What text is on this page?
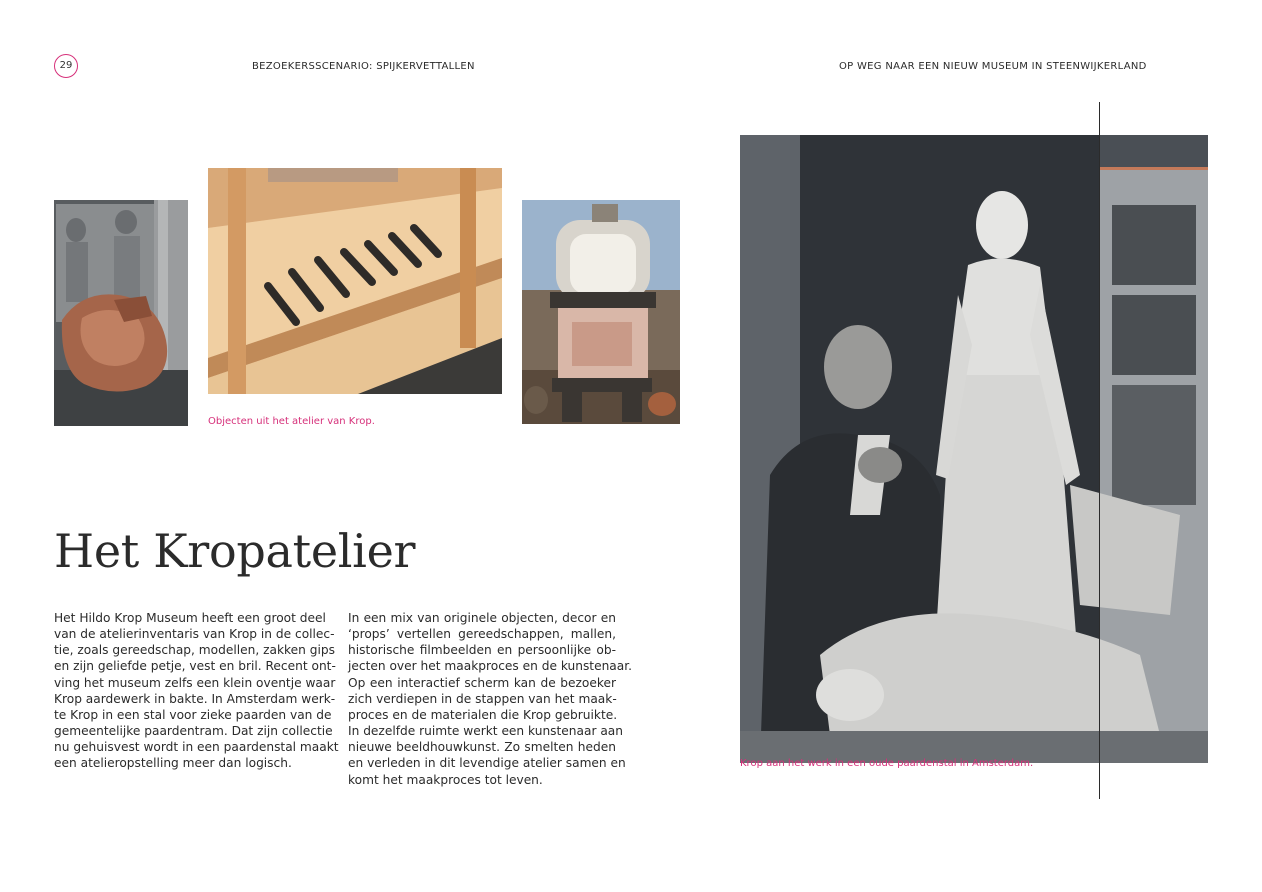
29	BEZOEKERSSCENARIO: SPIJKERVETTALLEN	OP WEG NAAR EEN NIEUW MUSEUM IN STEENWIJKERLAND
Objecten uit het atelier van Krop.
Krop aan het werk in een oude paardenstal in Amsterdam.
Het Kropatelier
Het Hildo Krop Museum heeft een groot deel
van de atelierinventaris van Krop in de collec-
tie, zoals gereedschap, modellen, zakken gips
en zijn geliefde petje, vest en bril. Recent ont-
ving het museum zelfs een klein oventje waar
Krop aardewerk in bakte. In Amsterdam werk-
te Krop in een stal voor zieke paarden van de
gemeentelijke paardentram. Dat zijn collectie
nu gehuisvest wordt in een paardenstal maakt
een atelieropstelling meer dan logisch.
In een mix van originele objecten, decor en
‘props’ vertellen gereedschappen, mallen,
historische filmbeelden en persoonlijke ob-
jecten over het maakproces en de kunstenaar.
Op een interactief scherm kan de bezoeker
zich verdiepen in de stappen van het maak-
proces en de materialen die Krop gebruikte.
In dezelfde ruimte werkt een kunstenaar aan
nieuwe beeldhouwkunst. Zo smelten heden
en verleden in dit levendige atelier samen en
komt het maakproces tot leven.
